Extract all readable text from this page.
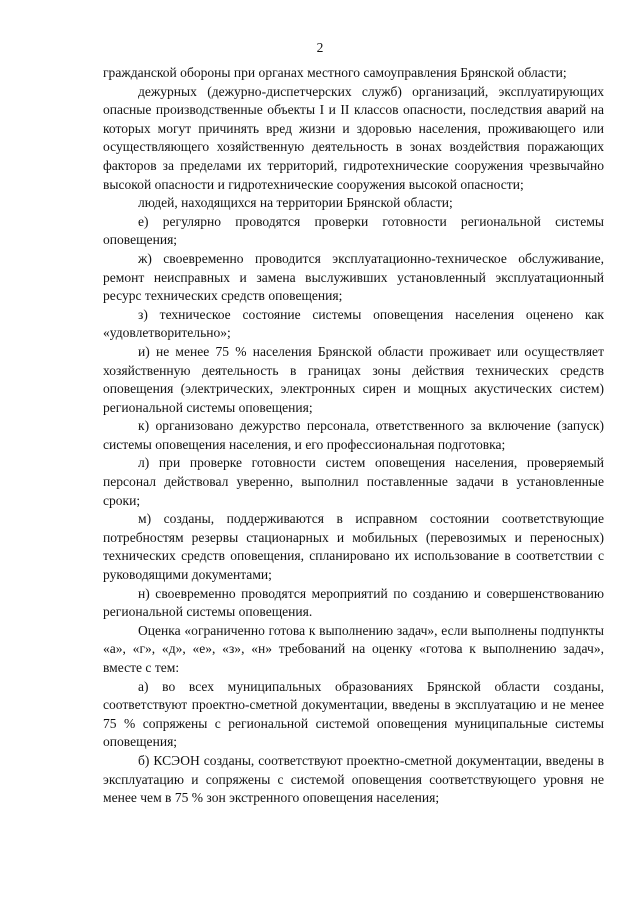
2

гражданской обороны при органах местного самоуправления Брянской области;

дежурных (дежурно-диспетчерских служб) организаций, эксплуатирующих опасные производственные объекты I и II классов опасности, последствия аварий на которых могут причинять вред жизни и здоровью населения, проживающего или осуществляющего хозяйственную деятельность в зонах воздействия поражающих факторов за пределами их территорий, гидротехнические сооружения чрезвычайно высокой опасности и гидротехнические сооружения высокой опасности;

людей, находящихся на территории Брянской области;

е) регулярно проводятся проверки готовности региональной системы оповещения;

ж) своевременно проводится эксплуатационно-техническое обслуживание, ремонт неисправных и замена выслуживших установленный эксплуатационный ресурс технических средств оповещения;

з) техническое состояние системы оповещения населения оценено как «удовлетворительно»;

и) не менее 75 % населения Брянской области проживает или осуществляет хозяйственную деятельность в границах зоны действия технических средств оповещения (электрических, электронных сирен и мощных акустических систем) региональной системы оповещения;

к) организовано дежурство персонала, ответственного за включение (запуск) системы оповещения населения, и его профессиональная подготовка;

л) при проверке готовности систем оповещения населения, проверяемый персонал действовал уверенно, выполнил поставленные задачи в установленные сроки;

м) созданы, поддерживаются в исправном состоянии соответствующие потребностям резервы стационарных и мобильных (перевозимых и переносных) технических средств оповещения, спланировано их использование в соответствии с руководящими документами;

н) своевременно проводятся мероприятий по созданию и совершенствованию региональной системы оповещения.

Оценка «ограниченно готова к выполнению задач», если выполнены подпункты «а», «г», «д», «е», «з», «н» требований на оценку «готова к выполнению задач», вместе с тем:

а) во всех муниципальных образованиях Брянской области созданы, соответствуют проектно-сметной документации, введены в эксплуатацию и не менее 75 % сопряжены с региональной системой оповещения муниципальные системы оповещения;

б) КСЭОН созданы, соответствуют проектно-сметной документации, введены в эксплуатацию и сопряжены с системой оповещения соответствующего уровня не менее чем в 75 % зон экстренного оповещения населения;
